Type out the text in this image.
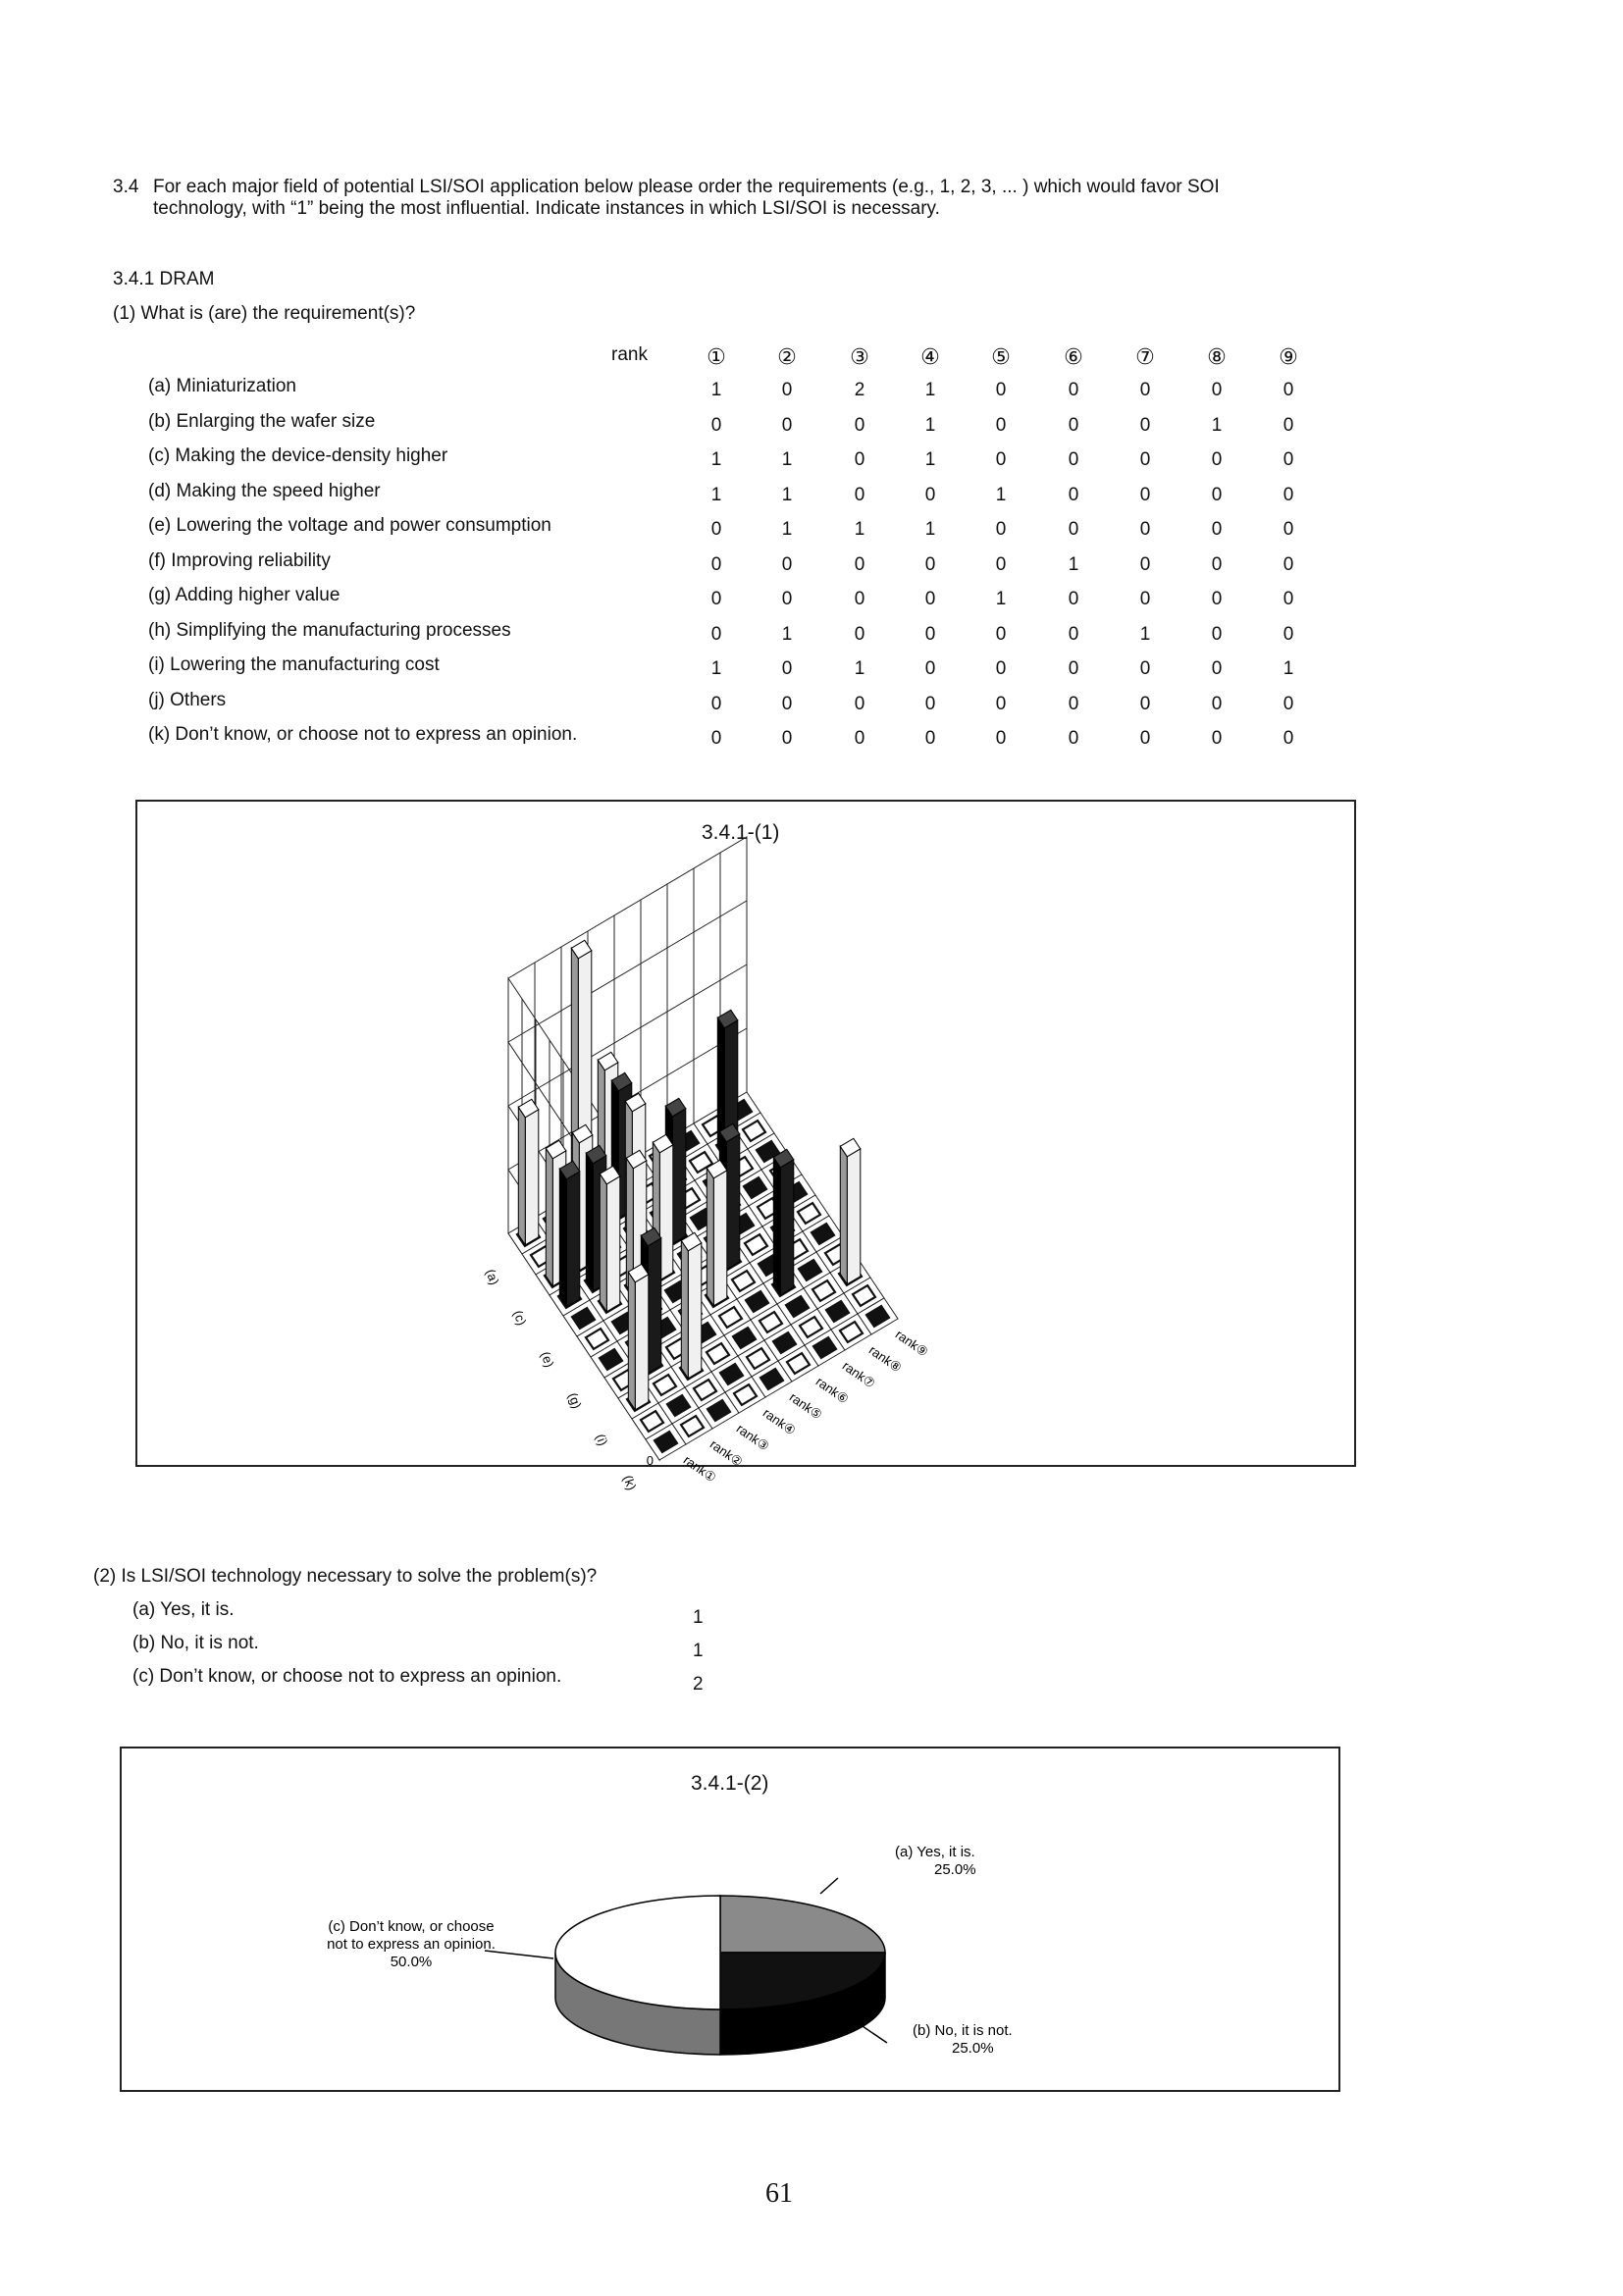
3.4 For each major field of potential LSI/SOI application below please order the requirements (e.g., 1, 2, 3, ... ) which would favor SOI
technology, with “1” being the most influential. Indicate instances in which LSI/SOI is necessary.
3.4.1 DRAM
(1) What is (are) the requirement(s)?
rank	①	②	③	④	⑤	⑥	⑦	⑧	⑨
(a) Miniaturization	1	0	2	1	0	0	0	0	0
(b) Enlarging the wafer size	0	0	0	1	0	0	0	1	0
(c) Making the device-density higher	1	1	0	1	0	0	0	0	0
(d) Making the speed higher	1	1	0	0	1	0	0	0	0
(e) Lowering the voltage and power consumption	0	1	1	1	0	0	0	0	0
(f) Improving reliability	0	0	0	0	0	1	0	0	0
(g) Adding higher value	0	0	0	0	1	0	0	0	0
(h) Simplifying the manufacturing processes	0	1	0	0	0	0	1	0	0
(i) Lowering the manufacturing cost	1	0	1	0	0	0	0	0	1
(j) Others	0	0	0	0	0	0	0	0	0
(k) Don’t know, or choose not to express an opinion.	0	0	0	0	0	0	0	0	0
3.4.1-(1)
0
(a)
(c)
(e)
(g)
(i)
(k)	rank①
rank②
rank③
rank④
rank⑤
rank⑥
rank⑦
rank⑧
rank⑨
(2) Is LSI/SOI technology necessary to solve the problem(s)?
(a) Yes, it is.	1
(b) No, it is not.	1
(c) Don’t know, or choose not to express an opinion.	2
3.4.1-(2)
(a) Yes, it is.
25.0%
(b) No, it is not.
25.0%
(c) Don’t know, or choose
not to express an opinion.
50.0%
61
